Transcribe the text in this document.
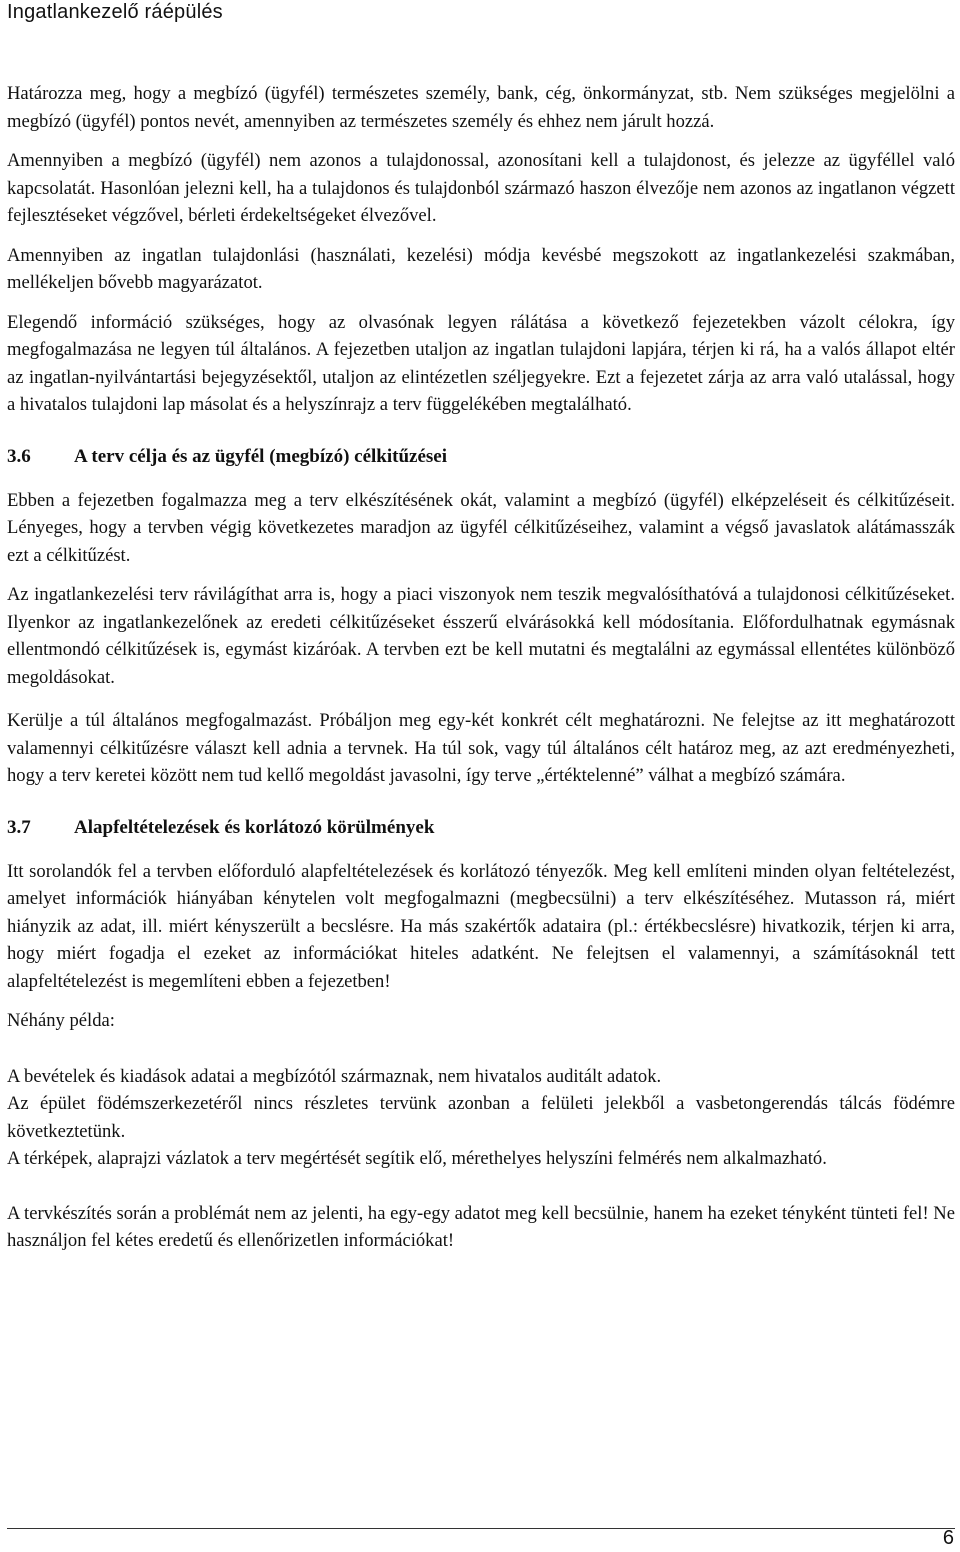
Ingatlankezelő ráépülés

Határozza meg, hogy a megbízó (ügyfél) természetes személy, bank, cég, önkormányzat, stb. Nem szükséges megjelölni a megbízó (ügyfél) pontos nevét, amennyiben az természetes személy és ehhez nem járult hozzá.

Amennyiben a megbízó (ügyfél) nem azonos a tulajdonossal, azonosítani kell a tulajdonost, és jelezze az ügyféllel való kapcsolatát. Hasonlóan jelezni kell, ha a tulajdonos és tulajdonból származó haszon élvezője nem azonos az ingatlanon végzett fejlesztéseket végzővel, bérleti érdekeltségeket élvezővel.

Amennyiben az ingatlan tulajdonlási (használati, kezelési) módja kevésbé megszokott az ingatlankezelési szakmában, mellékeljen bővebb magyarázatot.

Elegendő információ szükséges, hogy az olvasónak legyen rálátása a következő fejezetekben vázolt célokra, így megfogalmazása ne legyen túl általános. A fejezetben utaljon az ingatlan tulajdoni lapjára, térjen ki rá, ha a valós állapot eltér az ingatlan-nyilvántartási bejegyzésektől, utaljon az elintézetlen széljegyekre. Ezt a fejezetet zárja az arra való utalással, hogy a hivatalos tulajdoni lap másolat és a helyszínrajz a terv függelékében megtalálható.

3.6	A terv célja és az ügyfél (megbízó) célkitűzései

Ebben a fejezetben fogalmazza meg a terv elkészítésének okát, valamint a megbízó (ügyfél) elképzeléseit és célkitűzéseit. Lényeges, hogy a tervben végig következetes maradjon az ügyfél célkitűzéseihez, valamint a végső javaslatok alátámasszák ezt a célkitűzést.

Az ingatlankezelési terv rávilágíthat arra is, hogy a piaci viszonyok nem teszik megvalósíthatóvá a tulajdonosi célkitűzéseket. Ilyenkor az ingatlankezelőnek az eredeti célkitűzéseket ésszerű elvárásokká kell módosítania. Előfordulhatnak egymásnak ellentmondó célkitűzések is, egymást kizáróak. A tervben ezt be kell mutatni és megtalálni az egymással ellentétes különböző megoldásokat.

Kerülje a túl általános megfogalmazást. Próbáljon meg egy-két konkrét célt meghatározni. Ne felejtse az itt meghatározott valamennyi célkitűzésre választ kell adnia a tervnek. Ha túl sok, vagy túl általános célt határoz meg, az azt eredményezheti, hogy a terv keretei között nem tud kellő megoldást javasolni, így terve „értéktelenné” válhat a megbízó számára.

3.7	Alapfeltételezések és korlátozó körülmények

Itt sorolandók fel a tervben előforduló alapfeltételezések és korlátozó tényezők. Meg kell említeni minden olyan feltételezést, amelyet információk hiányában kénytelen volt megfogalmazni (megbecsülni) a terv elkészítéséhez. Mutasson rá, miért hiányzik az adat, ill. miért kényszerült a becslésre. Ha más szakértők adataira (pl.: értékbecslésre) hivatkozik, térjen ki arra, hogy miért fogadja el ezeket az információkat hiteles adatként. Ne felejtsen el valamennyi, a számításoknál tett alapfeltételezést is megemlíteni ebben a fejezetben!

Néhány példa:

A bevételek és kiadások adatai a megbízótól származnak, nem hivatalos auditált adatok.

Az épület födémszerkezetéről nincs részletes tervünk azonban a felületi jelekből a vasbetongerendás tálcás födémre következtetünk.

A térképek, alaprajzi vázlatok a terv megértését segítik elő, mérethelyes helyszíni felmérés nem alkalmazható.

A tervkészítés során a problémát nem az jelenti, ha egy-egy adatot meg kell becsülnie, hanem ha ezeket tényként tünteti fel! Ne használjon fel kétes eredetű és ellenőrizetlen információkat!

6
